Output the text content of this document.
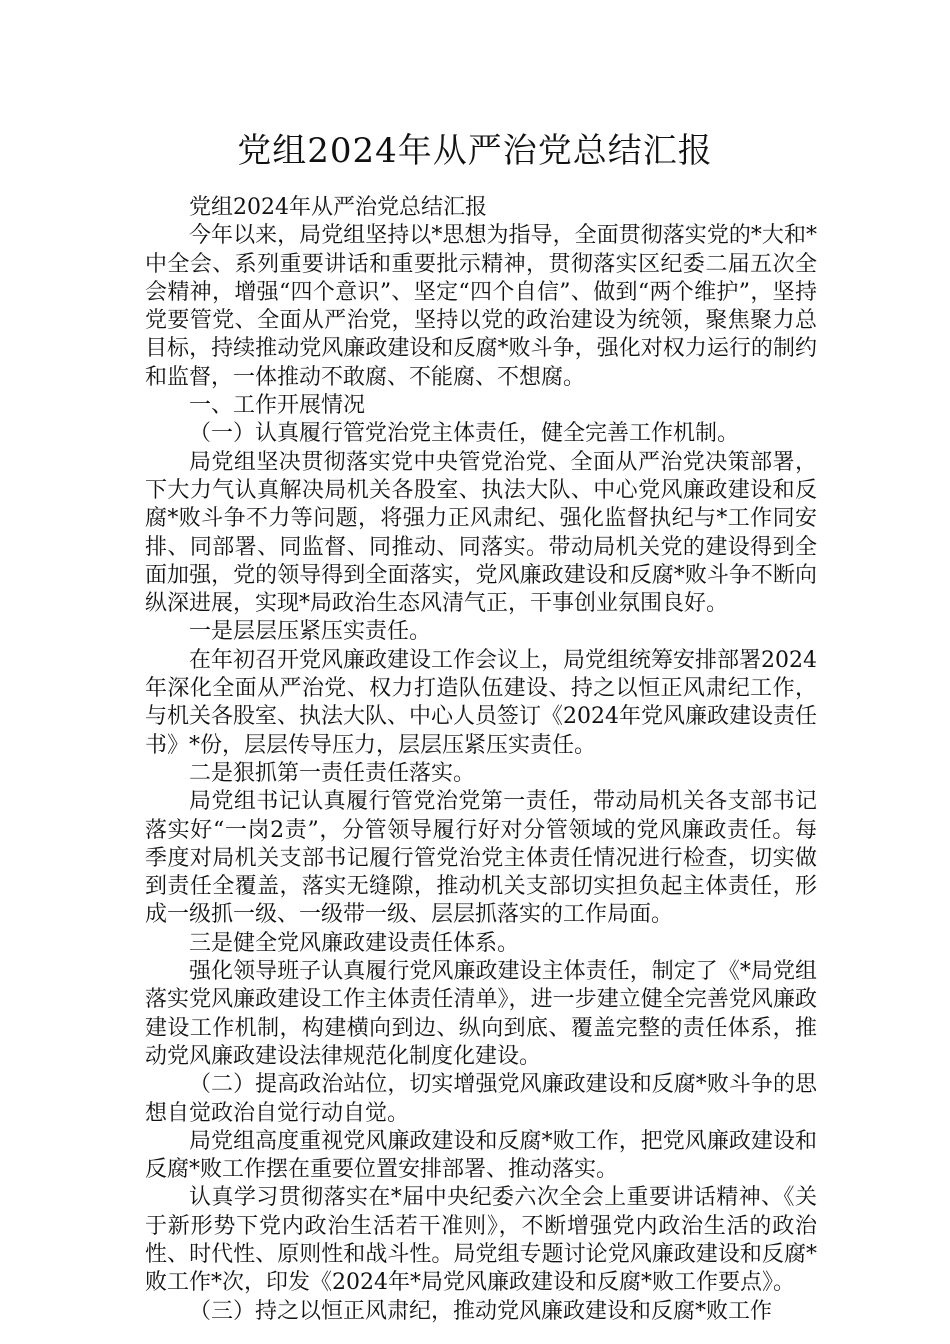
党组2024年从严治党总结汇报

党组2024年从严治党总结汇报

今年以来，局党组坚持以*思想为指导，全面贯彻落实党的*大和*中全会、系列重要讲话和重要批示精神，贯彻落实区纪委二届五次全会精神，增强“四个意识”、坚定“四个自信”、做到“两个维护”，坚持党要管党、全面从严治党，坚持以党的政治建设为统领，聚焦聚力总目标，持续推动党风廉政建设和反腐*败斗争，强化对权力运行的制约和监督，一体推动不敢腐、不能腐、不想腐。

一、工作开展情况

（一）认真履行管党治党主体责任，健全完善工作机制。

局党组坚决贯彻落实党中央管党治党、全面从严治党决策部署，下大力气认真解决局机关各股室、执法大队、中心党风廉政建设和反腐*败斗争不力等问题，将强力正风肃纪、强化监督执纪与*工作同安排、同部署、同监督、同推动、同落实。带动局机关党的建设得到全面加强，党的领导得到全面落实，党风廉政建设和反腐*败斗争不断向纵深进展，实现*局政治生态风清气正，干事创业氛围良好。

一是层层压紧压实责任。

在年初召开党风廉政建设工作会议上，局党组统筹安排部署2024年深化全面从严治党、权力打造队伍建设、持之以恒正风肃纪工作，与机关各股室、执法大队、中心人员签订《2024年党风廉政建设责任书》*份，层层传导压力，层层压紧压实责任。

二是狠抓第一责任责任落实。

局党组书记认真履行管党治党第一责任，带动局机关各支部书记落实好“一岗2责”，分管领导履行好对分管领域的党风廉政责任。每季度对局机关支部书记履行管党治党主体责任情况进行检查，切实做到责任全覆盖，落实无缝隙，推动机关支部切实担负起主体责任，形成一级抓一级、一级带一级、层层抓落实的工作局面。

三是健全党风廉政建设责任体系。

强化领导班子认真履行党风廉政建设主体责任，制定了《*局党组落实党风廉政建设工作主体责任清单》，进一步建立健全完善党风廉政建设工作机制，构建横向到边、纵向到底、覆盖完整的责任体系，推动党风廉政建设法律规范化制度化建设。

（二）提高政治站位，切实增强党风廉政建设和反腐*败斗争的思想自觉政治自觉行动自觉。

局党组高度重视党风廉政建设和反腐*败工作，把党风廉政建设和反腐*败工作摆在重要位置安排部署、推动落实。

认真学习贯彻落实在*届中央纪委六次全会上重要讲话精神、《关于新形势下党内政治生活若干准则》，不断增强党内政治生活的政治性、时代性、原则性和战斗性。局党组专题讨论党风廉政建设和反腐*败工作*次，印发《2024年*局党风廉政建设和反腐*败工作要点》。

（三）持之以恒正风肃纪，推动党风廉政建设和反腐*败工作
